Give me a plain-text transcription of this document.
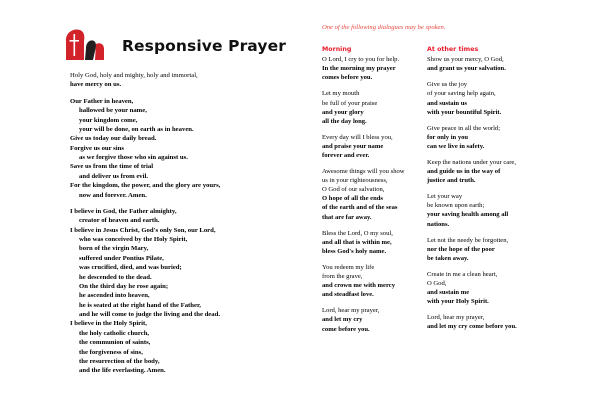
Responsive Prayer
One of the following dialogues may be spoken.
Holy God, holy and mighty, holy and immortal,
have mercy on us.
Our Father in heaven,
hallowed be your name,
your kingdom come,
your will be done, on earth as in heaven.
Give us today our daily bread.
Forgive us our sins
as we forgive those who sin against us.
Save us from the time of trial
and deliver us from evil.
For the kingdom, the power, and the glory are yours,
now and forever. Amen.
I believe in God, the Father almighty,
creator of heaven and earth.
I believe in Jesus Christ, God's only Son, our Lord,
who was conceived by the Holy Spirit,
born of the virgin Mary,
suffered under Pontius Pilate,
was crucified, died, and was buried;
he descended to the dead.
On the third day he rose again;
he ascended into heaven,
he is seated at the right hand of the Father,
and he will come to judge the living and the dead.
I believe in the Holy Spirit,
the holy catholic church,
the communion of saints,
the forgiveness of sins,
the resurrection of the body,
and the life everlasting. Amen.
Morning
O Lord, I cry to you for help.
In the morning my prayer
comes before you.
Let my mouth
be full of your praise
and your glory
all the day long.
Every day will I bless you,
and praise your name
forever and ever.
Awesome things will you show
us in your righteousness,
O God of our salvation,
O hope of all the ends
of the earth and of the seas
that are far away.
Bless the Lord, O my soul,
and all that is within me,
bless God's holy name.
You redeem my life
from the grave,
and crown me with mercy
and steadfast love.
Lord, hear my prayer,
and let my cry
come before you.
At other times
Show us your mercy, O God,
and grant us your salvation.
Give us the joy
of your saving help again,
and sustain us
with your bountiful Spirit.
Give peace in all the world;
for only in you
can we live in safety.
Keep the nations under your care,
and guide us in the way of
justice and truth.
Let your way
be known upon earth;
your saving health among all
nations.
Let not the needy be forgotten,
nor the hope of the poor
be taken away.
Create in me a clean heart,
O God,
and sustain me
with your Holy Spirit.
Lord, hear my prayer,
and let my cry come before you.
